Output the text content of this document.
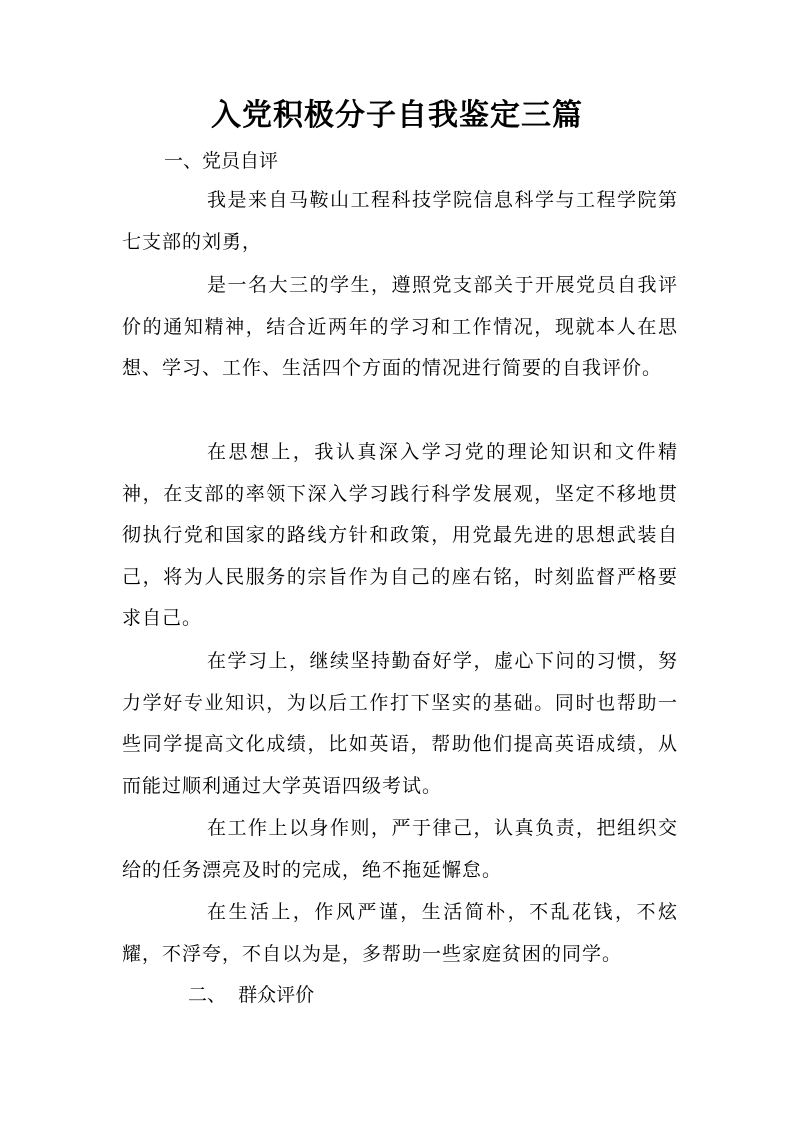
入党积极分子自我鉴定三篇
一、党员自评

我是来自马鞍山工程科技学院信息科学与工程学院第七支部的刘勇，

是一名大三的学生，遵照党支部关于开展党员自我评价的通知精神，结合近两年的学习和工作情况，现就本人在思想、学习、工作、生活四个方面的情况进行简要的自我评价。

在思想上，我认真深入学习党的理论知识和文件精神，在支部的率领下深入学习践行科学发展观，坚定不移地贯彻执行党和国家的路线方针和政策，用党最先进的思想武装自己，将为人民服务的宗旨作为自己的座右铭，时刻监督严格要求自己。

在学习上，继续坚持勤奋好学，虚心下问的习惯，努力学好专业知识，为以后工作打下坚实的基础。同时也帮助一些同学提高文化成绩，比如英语，帮助他们提高英语成绩，从而能过顺利通过大学英语四级考试。

在工作上以身作则，严于律己，认真负责，把组织交给的任务漂亮及时的完成，绝不拖延懈怠。

在生活上，作风严谨，生活简朴，不乱花钱，不炫耀，不浮夸，不自以为是，多帮助一些家庭贫困的同学。

二、  群众评价
